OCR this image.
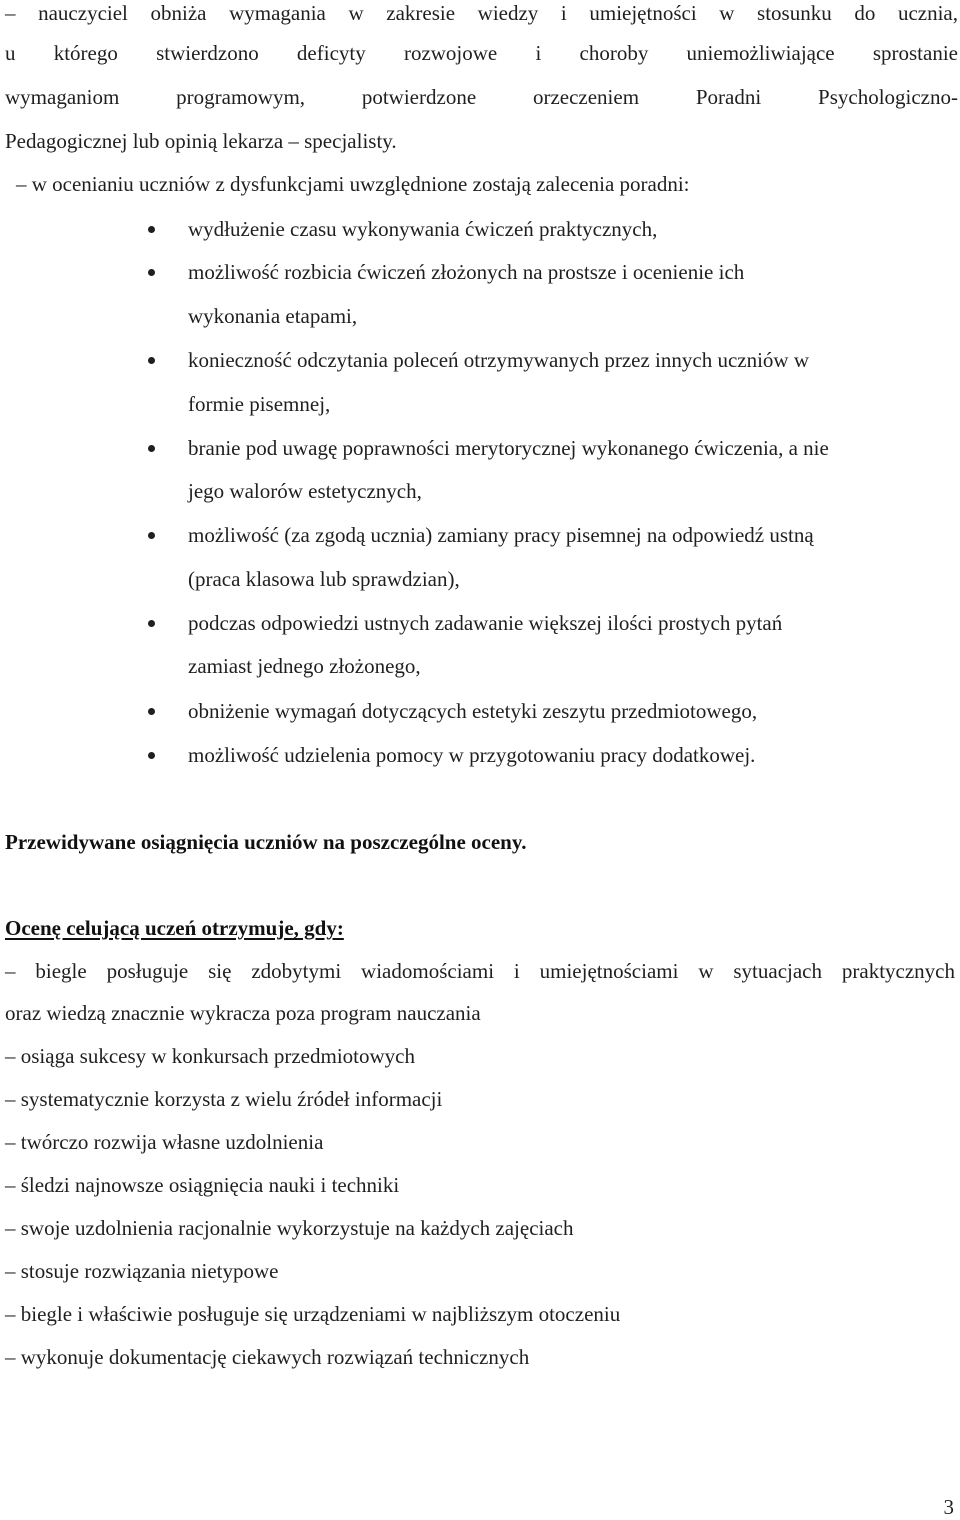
– nauczyciel obniża wymagania w zakresie wiedzy i umiejętności w stosunku do ucznia,
u którego stwierdzono deficyty rozwojowe i choroby uniemożliwiające sprostanie
wymaganiom programowym, potwierdzone orzeczeniem Poradni Psychologiczno-
Pedagogicznej lub opinią lekarza – specjalisty.
– w ocenianiu uczniów z dysfunkcjami uwzględnione zostają zalecenia poradni:
wydłużenie czasu wykonywania ćwiczeń praktycznych,
możliwość rozbicia ćwiczeń złożonych na prostsze i ocenienie ich
wykonania etapami,
konieczność odczytania poleceń otrzymywanych przez innych uczniów w
formie pisemnej,
branie pod uwagę poprawności merytorycznej wykonanego ćwiczenia, a nie
jego walorów estetycznych,
możliwość (za zgodą ucznia) zamiany pracy pisemnej na odpowiedź ustną
(praca klasowa lub sprawdzian),
podczas odpowiedzi ustnych zadawanie większej ilości prostych pytań
zamiast jednego złożonego,
obniżenie wymagań dotyczących estetyki zeszytu przedmiotowego,
możliwość udzielenia pomocy w przygotowaniu pracy dodatkowej.
Przewidywane osiągnięcia uczniów na poszczególne oceny.
Ocenę celującą uczeń otrzymuje, gdy:
– biegle posługuje się zdobytymi wiadomościami i umiejętnościami w sytuacjach praktycznych
oraz wiedzą znacznie wykracza poza program nauczania
– osiąga sukcesy w konkursach przedmiotowych
– systematycznie korzysta z wielu źródeł informacji
– twórczo rozwija własne uzdolnienia
– śledzi najnowsze osiągnięcia nauki i techniki
– swoje uzdolnienia racjonalnie wykorzystuje na każdych zajęciach
– stosuje rozwiązania nietypowe
– biegle i właściwie posługuje się urządzeniami w najbliższym otoczeniu
– wykonuje dokumentację ciekawych rozwiązań technicznych
3
